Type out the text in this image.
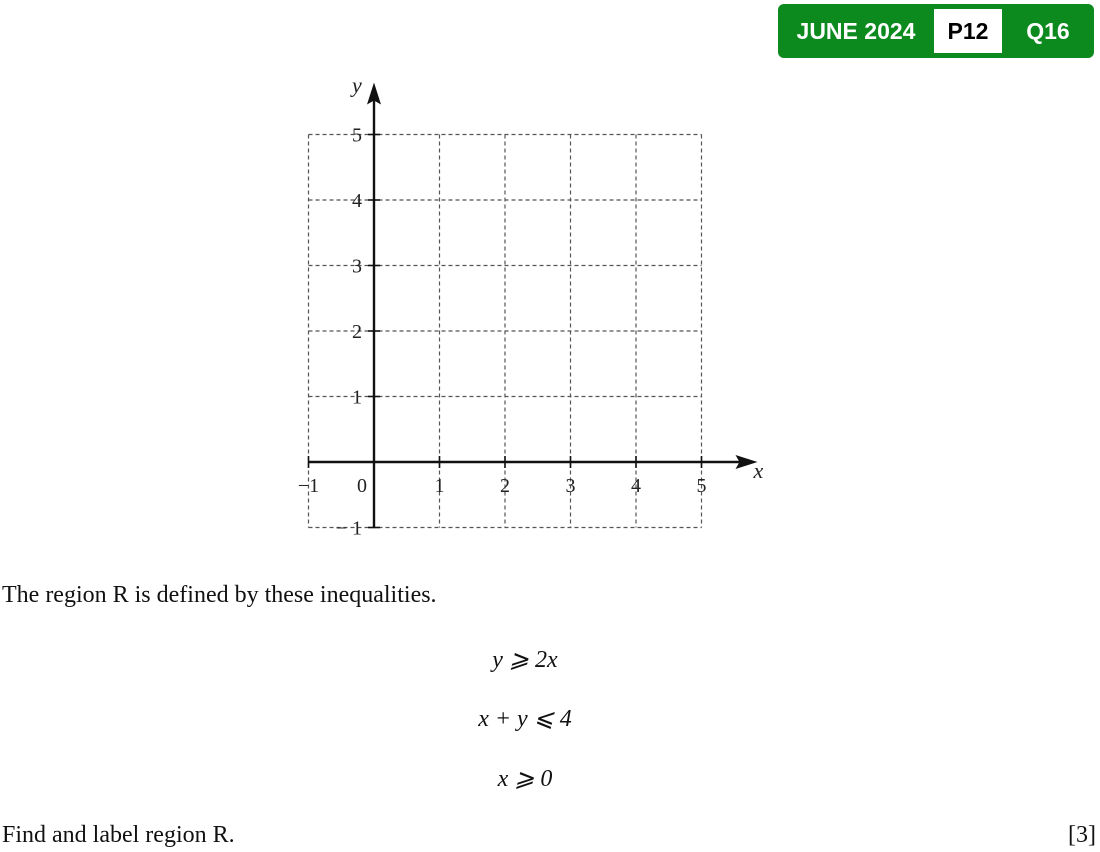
JUNE 2024	P12	Q16
−1 0	1	2	3	4	5
− 1
1
2
3
4
5
x
y
The region R is defined by these inequalities.
y ⩾ 2x
x + y ⩽ 4
x ⩾ 0
Find and label region R.	[3]
